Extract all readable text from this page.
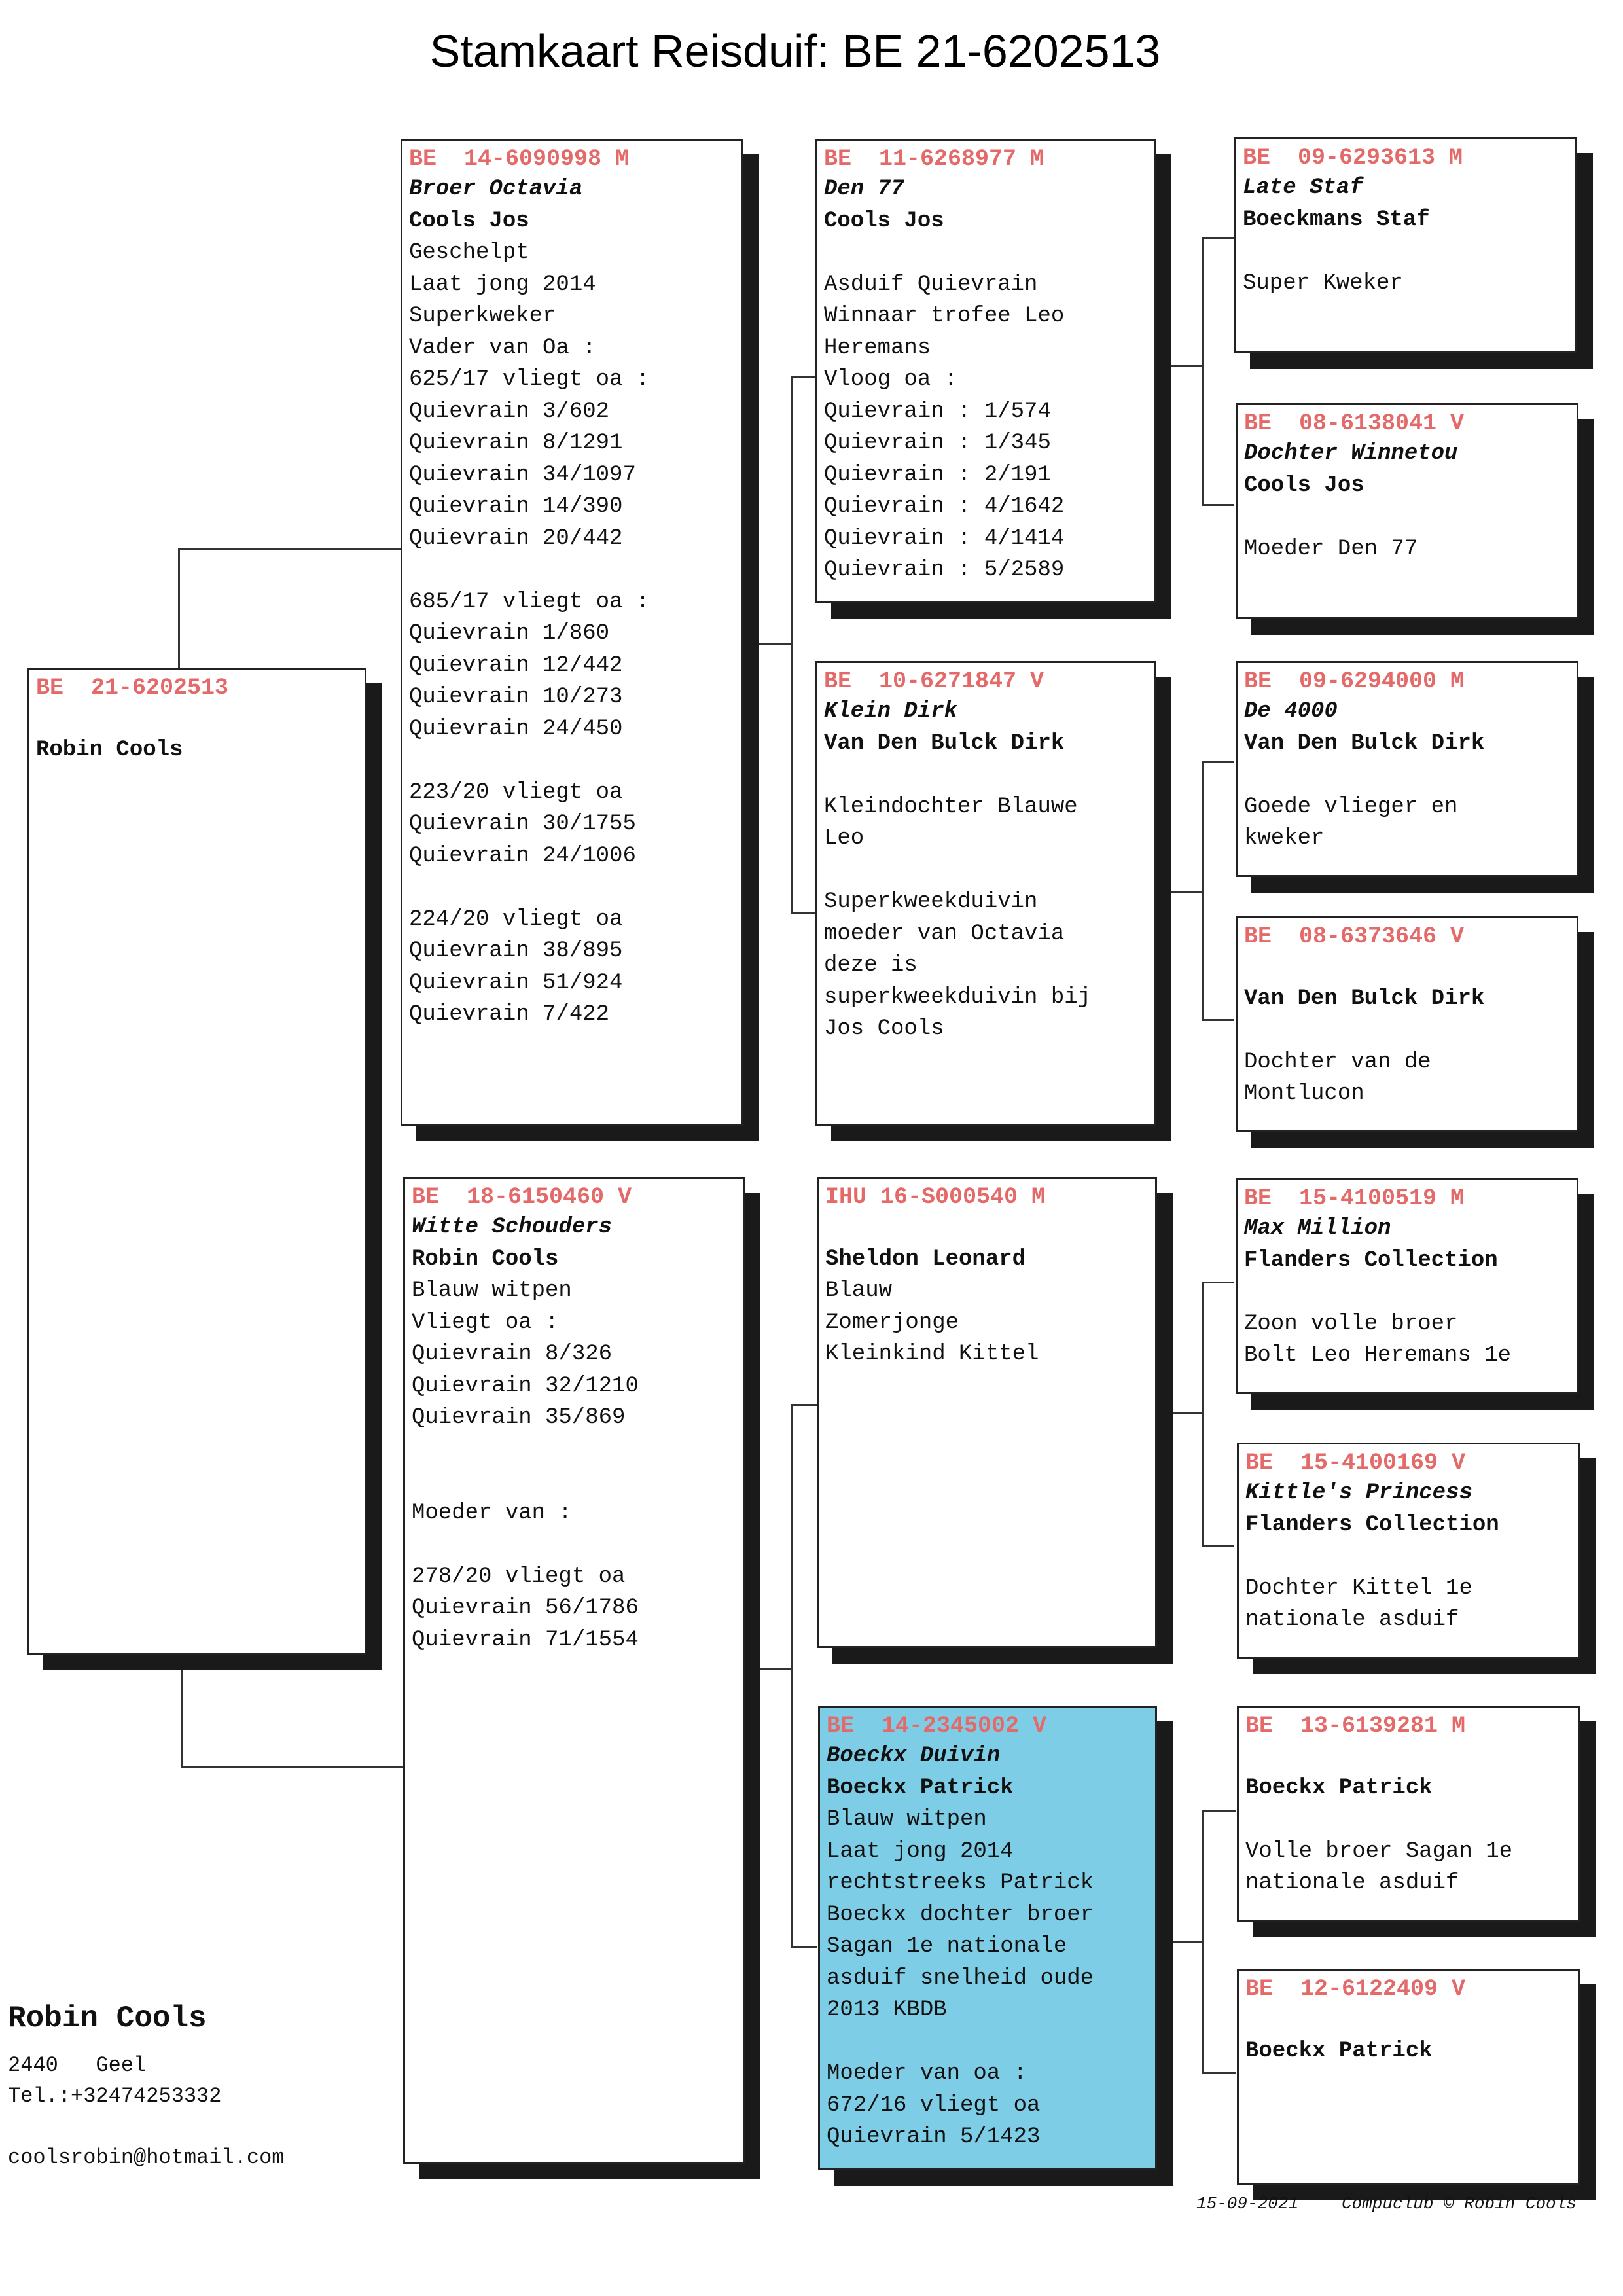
Stamkaart Reisduif: BE 21-6202513
BE  21-6202513
Robin Cools
BE  14-6090998 M
Broer Octavia
Cools Jos
Geschelpt
Laat jong 2014
Superkweker
Vader van Oa :
625/17 vliegt oa :
Quievrain 3/602
Quievrain 8/1291
Quievrain 34/1097
Quievrain 14/390
Quievrain 20/442
685/17 vliegt oa :
Quievrain 1/860
Quievrain 12/442
Quievrain 10/273
Quievrain 24/450
223/20 vliegt oa
Quievrain 30/1755
Quievrain 24/1006
224/20 vliegt oa
Quievrain 38/895
Quievrain 51/924
Quievrain 7/422
BE  18-6150460 V
Witte Schouders
Robin Cools
Blauw witpen
Vliegt oa :
Quievrain 8/326
Quievrain 32/1210
Quievrain 35/869
Moeder van :
278/20 vliegt oa
Quievrain 56/1786
Quievrain 71/1554
BE  11-6268977 M
Den 77
Cools Jos
Asduif Quievrain
Winnaar trofee Leo
Heremans
Vloog oa :
Quievrain : 1/574
Quievrain : 1/345
Quievrain : 2/191
Quievrain : 4/1642
Quievrain : 4/1414
Quievrain : 5/2589
BE  10-6271847 V
Klein Dirk
Van Den Bulck Dirk
Kleindochter Blauwe
Leo
Superkweekduivin
moeder van Octavia
deze is
superkweekduivin bij
Jos Cools
IHU 16-S000540 M
Sheldon Leonard
Blauw
Zomerjonge
Kleinkind Kittel
BE  14-2345002 V
Boeckx Duivin
Boeckx Patrick
Blauw witpen
Laat jong 2014
rechtstreeks Patrick
Boeckx dochter broer
Sagan 1e nationale
asduif snelheid oude
2013 KBDB
Moeder van oa :
672/16 vliegt oa
Quievrain 5/1423
BE  09-6293613 M
Late Staf
Boeckmans Staf
Super Kweker
BE  08-6138041 V
Dochter Winnetou
Cools Jos
Moeder Den 77
BE  09-6294000 M
De 4000
Van Den Bulck Dirk
Goede vlieger en
kweker
BE  08-6373646 V
Van Den Bulck Dirk
Dochter van de
Montlucon
BE  15-4100519 M
Max Million
Flanders Collection
Zoon volle broer
Bolt Leo Heremans 1e
BE  15-4100169 V
Kittle's Princess
Flanders Collection
Dochter Kittel 1e
nationale asduif
BE  13-6139281 M
Boeckx Patrick
Volle broer Sagan 1e
nationale asduif
BE  12-6122409 V
Boeckx Patrick
Robin Cools
2440   Geel
Tel.:+32474253332
coolsrobin@hotmail.com
15-09-2021	Compuclub © Robin Cools
